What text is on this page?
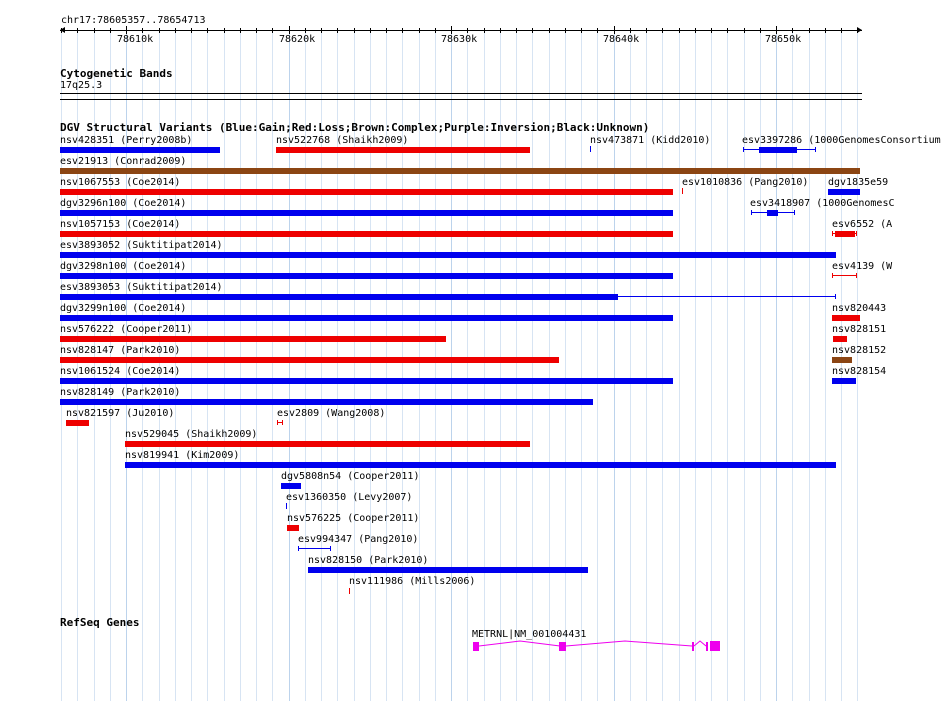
chr17:78605357..78654713
78610k	78620k	78630k	78640k	78650k
Cytogenetic Bands
17q25.3
DGV Structural Variants (Blue:Gain;Red:Loss;Brown:Complex;Purple:Inversion;Black:Unknown)
nsv428351 (Perry2008b)	nsv522768 (Shaikh2009)	nsv473871 (Kidd2010)	esv3397286 (1000GenomesConsortium
esv21913 (Conrad2009)
nsv1067553 (Coe2014)	esv1010836 (Pang2010) dgv1835e59
dgv3296n100 (Coe2014)	esv3418907 (1000GenomesC
nsv1057153 (Coe2014)	esv6552 (A
esv3893052 (Suktitipat2014)
dgv3298n100 (Coe2014)	esv4139 (W
esv3893053 (Suktitipat2014)
dgv3299n100 (Coe2014)	nsv820443
nsv576222 (Cooper2011)	nsv828151
nsv828147 (Park2010)	nsv828152
nsv1061524 (Coe2014)	nsv828154
nsv828149 (Park2010)
nsv821597 (Ju2010)	esv2809 (Wang2008)
nsv529045 (Shaikh2009)
nsv819941 (Kim2009)
dgv5808n54 (Cooper2011)
esv1360350 (Levy2007)
nsv576225 (Cooper2011)
esv994347 (Pang2010)
nsv828150 (Park2010)
nsv111986 (Mills2006)
RefSeq Genes
METRNL|NM_001004431
